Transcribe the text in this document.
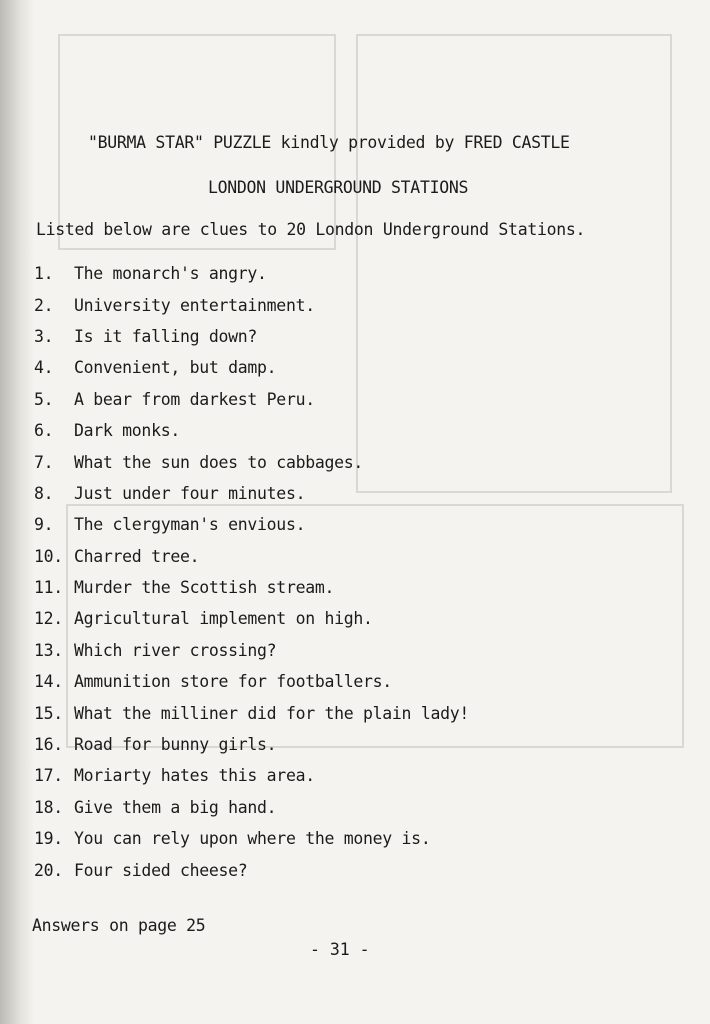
"BURMA STAR" PUZZLE kindly provided by FRED CASTLE
LONDON UNDERGROUND STATIONS
Listed below are clues to 20 London Underground Stations.
1.	The monarch's angry.
2.	University entertainment.
3.	Is it falling down?
4.	Convenient, but damp.
5.	A bear from darkest Peru.
6.	Dark monks.
7.	What the sun does to cabbages.
8.	Just under four minutes.
9.	The clergyman's envious.
10. Charred tree.
11. Murder the Scottish stream.
12. Agricultural implement on high.
13. Which river crossing?
14. Ammunition store for footballers.
15. What the milliner did for the plain lady!
16. Road for bunny girls.
17. Moriarty hates this area.
18. Give them a big hand.
19. You can rely upon where the money is.
20. Four sided cheese?
Answers on page 25
- 31 -
